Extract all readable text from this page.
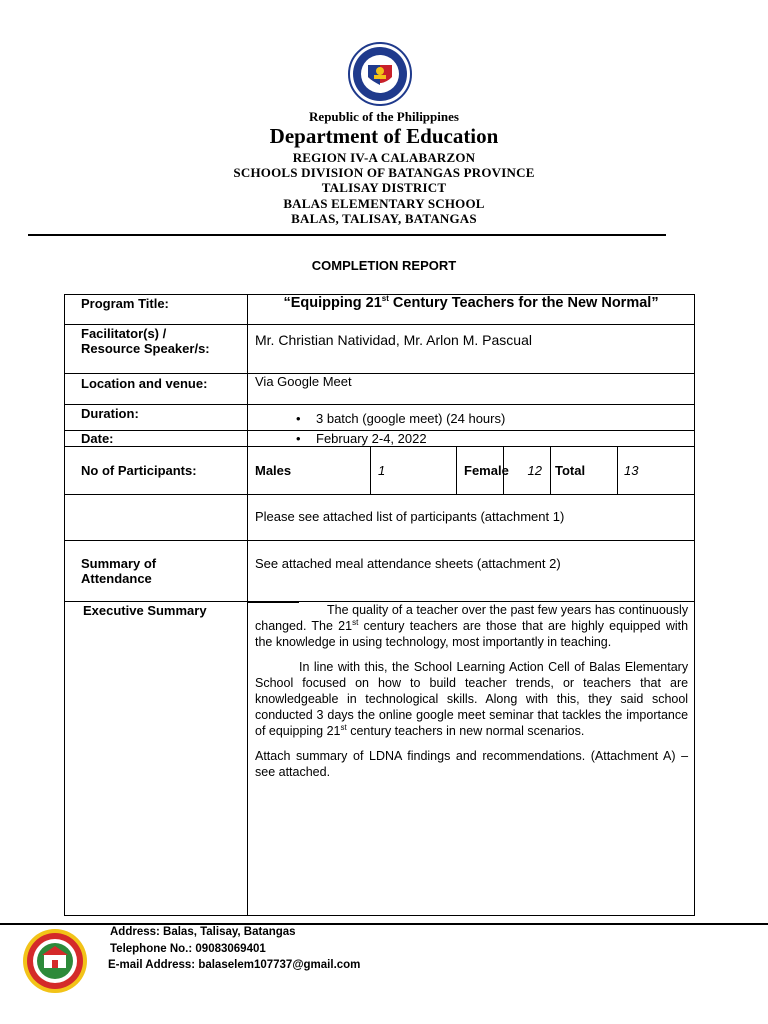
Republic of the Philippines
Department of Education
REGION IV-A CALABARZON
SCHOOLS DIVISION OF BATANGAS PROVINCE
TALISAY DISTRICT
BALAS ELEMENTARY SCHOOL
BALAS, TALISAY, BATANGAS
COMPLETION REPORT
Program Title:	“Equipping 21st Century Teachers for the New Normal”				

Facilitator(s) /
Resource Speaker/s:	Mr. Christian Natividad, Mr. Arlon M. Pascual				
Location and venue:	Via Google Meet				
Duration:	• 3 batch (google meet) (24 hours)				

Date:	• February 2-4, 2022				

No of Participants:	Males	1	Female	12	Total 13

	Please see attached list of participants (attachment 1)				

Summary of
Attendance	See attached meal attendance sheets (attachment 2)				
Executive Summary	The quality of a teacher over the past few years has continuously changed. The 21st century teachers are those that are highly equipped with the knowledge in using technology, most importantly in teaching.

In line with this, the School Learning Action Cell of Balas Elementary School focused on how to build teacher trends, or teachers that are knowledgeable in technological skills. Along with this, they said school conducted 3 days the online google meet seminar that tackles the importance of equipping 21st century teachers in new normal scenarios.

Attach summary of LDNA findings and recommendations. (Attachment A) – see attached.				

Address: Balas, Talisay, Batangas
Telephone No.: 09083069401
E-mail Address: balaselem107737@gmail.com
